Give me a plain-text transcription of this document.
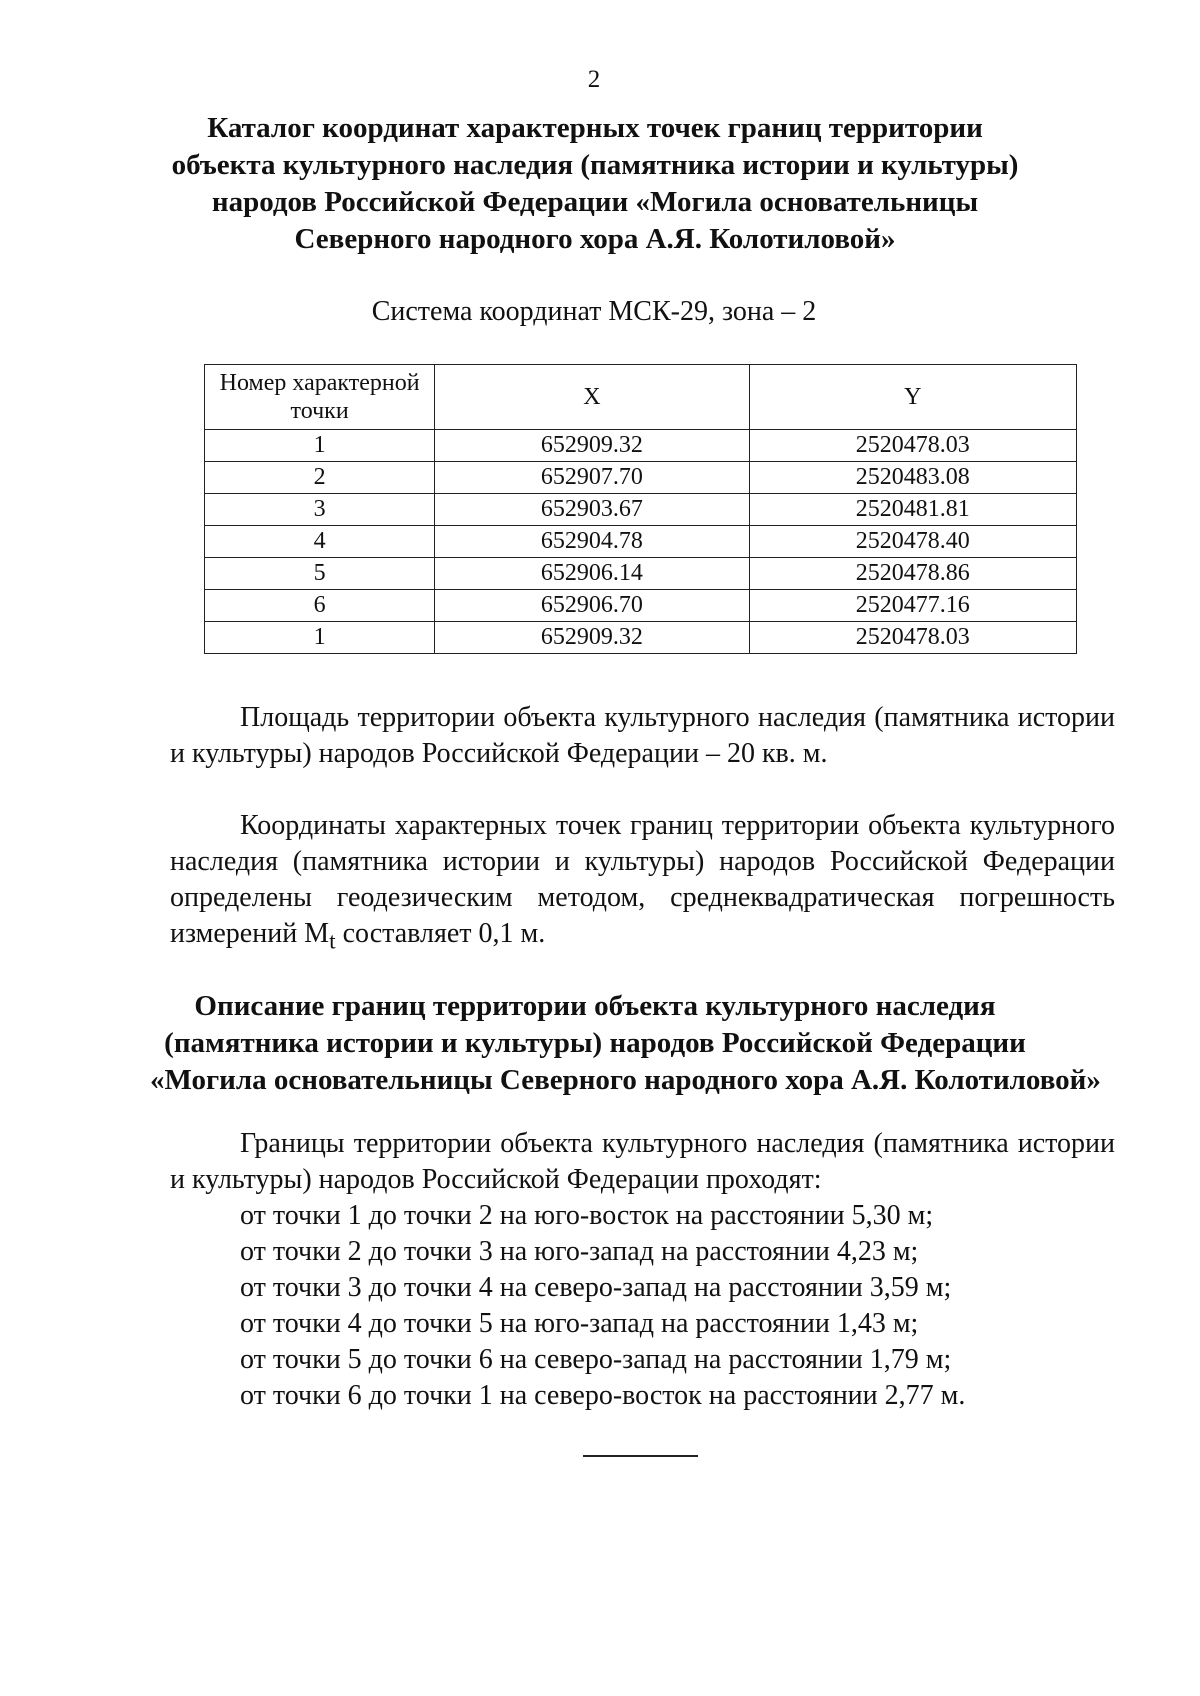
2
Каталог координат характерных точек границ территории
объекта культурного наследия (памятника истории и культуры)
народов Российской Федерации «Могила основательницы
Северного народного хора А.Я. Колотиловой»
Система координат МСК-29, зона – 2
Номер характерной точки	X	Y
1	652909.32	2520478.03
2	652907.70	2520483.08
3	652903.67	2520481.81
4	652904.78	2520478.40
5	652906.14	2520478.86
6	652906.70	2520477.16
1	652909.32	2520478.03

Площадь территории объекта культурного наследия (памятника истории и культуры) народов Российской Федерации – 20 кв. м.

Координаты характерных точек границ территории объекта культурного наследия (памятника истории и культуры) народов Российской Федерации определены геодезическим методом, среднеквадратическая погрешность измерений $M_t$ составляет 0,1 м.

Описание границ территории объекта культурного наследия
(памятника истории и культуры) народов Российской Федерации
«Могила основательницы Северного народного хора А.Я. Колотиловой»

Границы территории объекта культурного наследия (памятника истории и культуры) народов Российской Федерации проходят:

от точки 1 до точки 2 на юго-восток на расстоянии 5,30 м;
от точки 2 до точки 3 на юго-запад на расстоянии 4,23 м;
от точки 3 до точки 4 на северо-запад на расстоянии 3,59 м;
от точки 4 до точки 5 на юго-запад на расстоянии 1,43 м;
от точки 5 до точки 6 на северо-запад на расстоянии 1,79 м;
от точки 6 до точки 1 на северо-восток на расстоянии 2,77 м.
